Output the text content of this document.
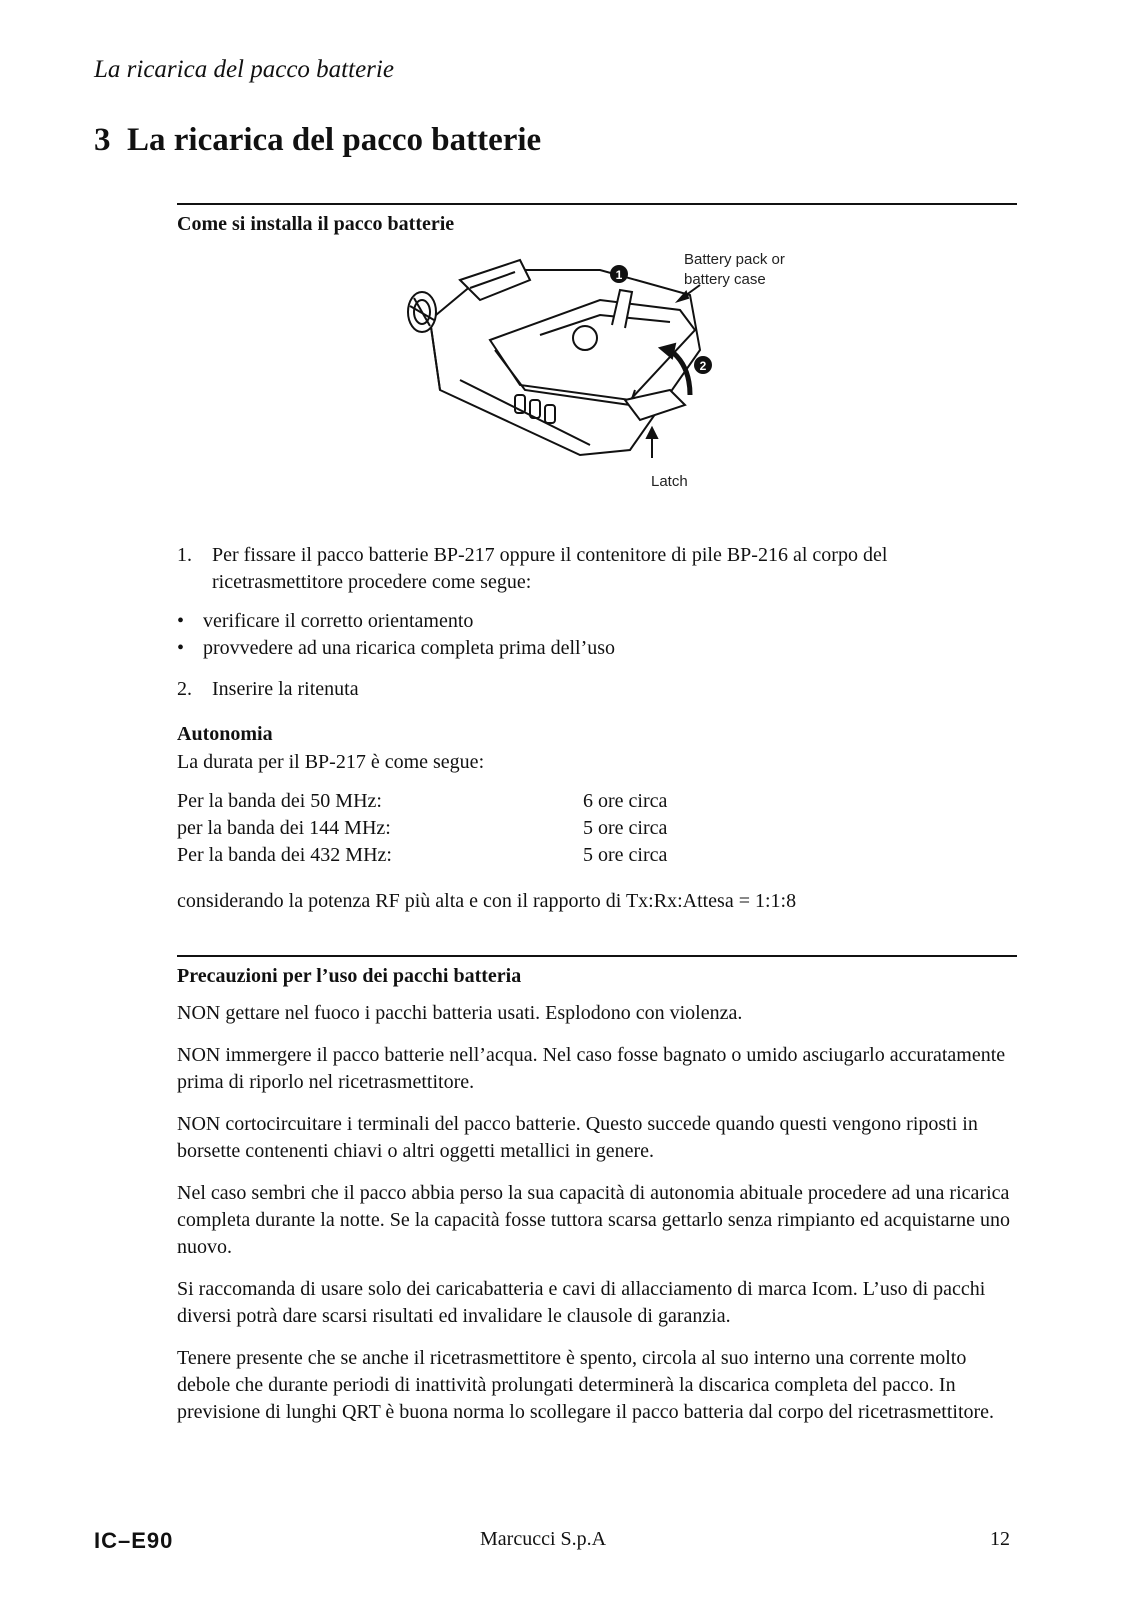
La ricarica del pacco batterie
3 La ricarica del pacco batterie
Come si installa il pacco batterie
1
2
Battery pack or
battery case
Latch
1. Per fissare il pacco batterie BP-217 oppure il contenitore di pile BP-216 al corpo del
ricetrasmettitore procedere come segue:
• verificare il corretto orientamento
• provvedere ad una ricarica completa prima dell’uso
2. Inserire la ritenuta
Autonomia
La durata per il BP-217 è come segue:
Per la banda dei 50 MHz:	6 ore circa
per la banda dei 144 MHz:	5 ore circa
Per la banda dei 432 MHz:	5 ore circa
considerando la potenza RF più alta e con il rapporto di Tx:Rx:Attesa = 1:1:8
Precauzioni per l’uso dei pacchi batteria
NON gettare nel fuoco i pacchi batteria usati. Esplodono con violenza.
NON immergere il pacco batterie nell’acqua. Nel caso fosse bagnato o umido asciugarlo accuratamente prima di riporlo nel ricetrasmettitore.
NON cortocircuitare i terminali del pacco batterie. Questo succede quando questi vengono riposti in borsette contenenti chiavi o altri oggetti metallici in genere.
Nel caso sembri che il pacco abbia perso la sua capacità di autonomia abituale procedere ad una ricarica completa durante la notte. Se la capacità fosse tuttora scarsa gettarlo senza rimpianto ed acquistarne uno nuovo.
Si raccomanda di usare solo dei caricabatteria e cavi di allacciamento di marca Icom. L’uso di pacchi diversi potrà dare scarsi risultati ed invalidare le clausole di garanzia.
Tenere presente che se anche il ricetrasmettitore è spento, circola al suo interno una corrente molto debole che durante periodi di inattività prolungati determinerà la discarica completa del pacco. In previsione di lunghi QRT è buona norma lo scollegare il pacco batteria dal corpo del ricetrasmettitore.
IC–E90	Marcucci S.p.A	12
